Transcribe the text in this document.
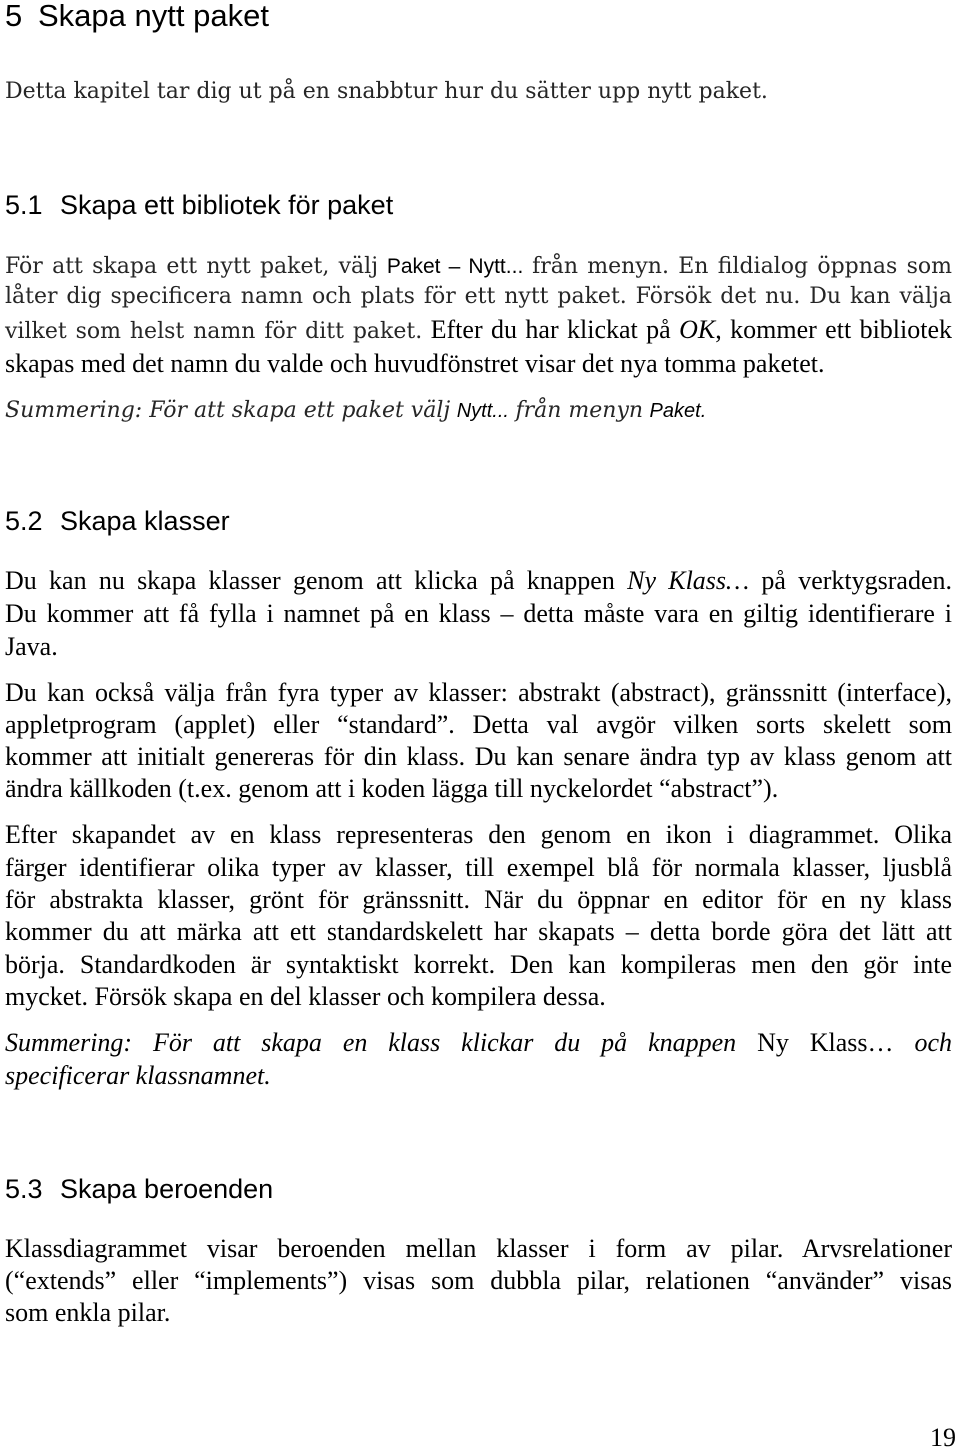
5 Skapa nytt paket
Detta kapitel tar dig ut på en snabbtur hur du sätter upp nytt paket.
5.1 Skapa ett bibliotek för paket
För att skapa ett nytt paket, välj Paket – Nytt... från menyn. En fildialog öppnas som
låter dig specificera namn och plats för ett nytt paket. Försök det nu. Du kan välja
vilket som helst namn för ditt paket. Efter du har klickat på OK, kommer ett bibliotek
skapas med det namn du valde och huvudfönstret visar det nya tomma paketet.
Summering: För att skapa ett paket välj Nytt... från menyn Paket.
5.2 Skapa klasser
Du kan nu skapa klasser genom att klicka på knappen Ny Klass… på verktygsraden.
Du kommer att få fylla i namnet på en klass – detta måste vara en giltig identifierare i
Java.
Du kan också välja från fyra typer av klasser: abstrakt (abstract), gränssnitt (interface),
appletprogram (applet) eller “standard”. Detta val avgör vilken sorts skelett som
kommer att initialt genereras för din klass. Du kan senare ändra typ av klass genom att
ändra källkoden (t.ex. genom att i koden lägga till nyckelordet “abstract”).
Efter skapandet av en klass representeras den genom en ikon i diagrammet. Olika
färger identifierar olika typer av klasser, till exempel blå för normala klasser, ljusblå
för abstrakta klasser, grönt för gränssnitt. När du öppnar en editor för en ny klass
kommer du att märka att ett standardskelett har skapats – detta borde göra det lätt att
börja. Standardkoden är syntaktiskt korrekt. Den kan kompileras men den gör inte
mycket. Försök skapa en del klasser och kompilera dessa.
Summering: För att skapa en klass klickar du på knappen Ny Klass… och
specificerar klassnamnet.
5.3 Skapa beroenden
Klassdiagrammet visar beroenden mellan klasser i form av pilar. Arvsrelationer
(“extends” eller “implements”) visas som dubbla pilar, relationen “använder” visas
som enkla pilar.
19
